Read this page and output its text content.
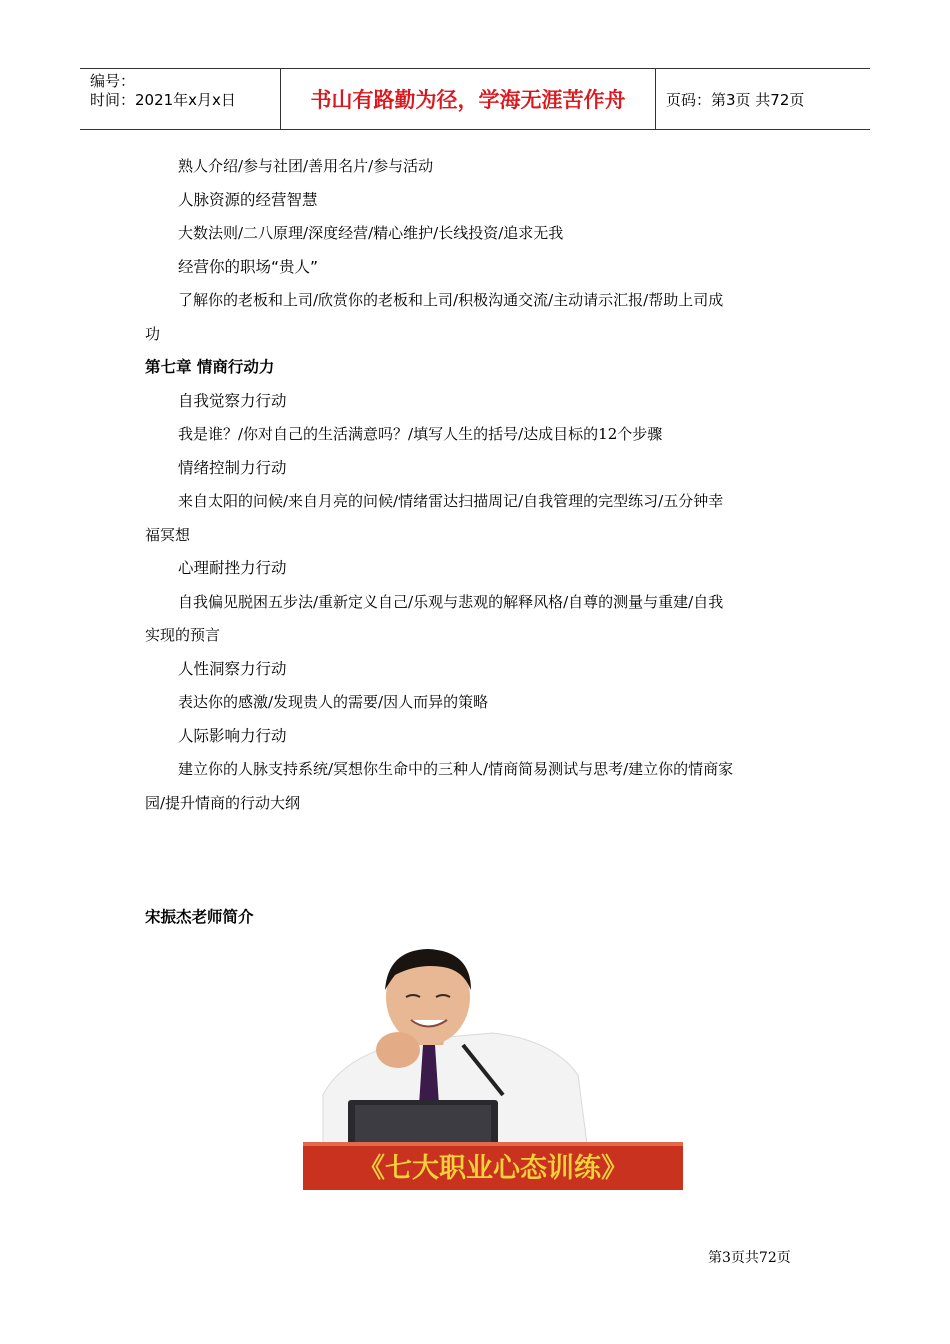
编号：
时间：2021年x月x日	书山有路勤为径，学海无涯苦作舟	页码：第3页 共72页
熟人介绍/参与社团/善用名片/参与活动
人脉资源的经营智慧
大数法则/二八原理/深度经营/精心维护/长线投资/追求无我
经营你的职场“贵人”
了解你的老板和上司/欣赏你的老板和上司/积极沟通交流/主动请示汇报/帮助上司成
功
第七章 情商行动力
自我觉察力行动
我是谁？/你对自己的生活满意吗？/填写人生的括号/达成目标的12个步骤
情绪控制力行动
来自太阳的问候/来自月亮的问候/情绪雷达扫描周记/自我管理的完型练习/五分钟幸
福冥想
心理耐挫力行动
自我偏见脱困五步法/重新定义自己/乐观与悲观的解释风格/自尊的测量与重建/自我
实现的预言
人性洞察力行动
表达你的感激/发现贵人的需要/因人而异的策略
人际影响力行动
建立你的人脉支持系统/冥想你生命中的三种人/情商简易测试与思考/建立你的情商家
园/提升情商的行动大纲
宋振杰老师简介
《七大职业心态训练》
第3页共72页
